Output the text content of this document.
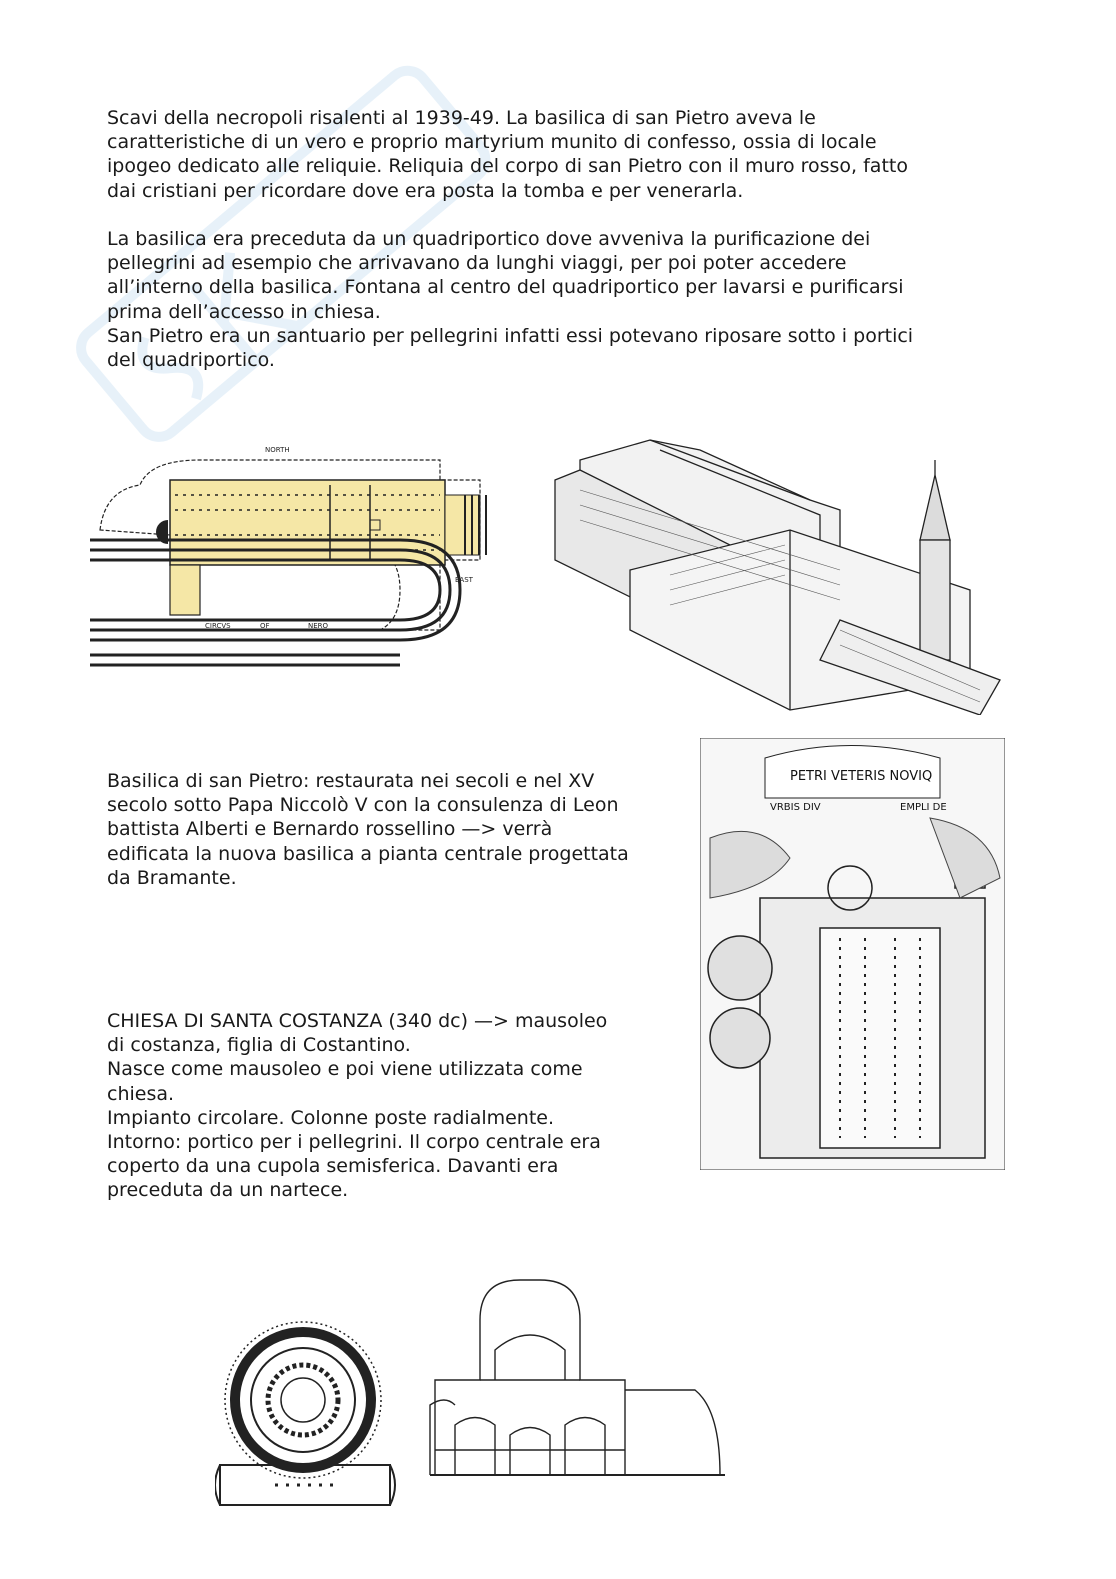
Scavi della necropoli risalenti al 1939-49. La basilica di san Pietro aveva le
caratteristiche di un vero e proprio martyrium munito di confesso, ossia di locale
ipogeo dedicato alle reliquie. Reliquia del corpo di san Pietro con il muro rosso, fatto
dai cristiani per ricordare dove era posta la tomba e per venerarla.

La basilica era preceduta da un quadriportico dove avveniva la purificazione dei
pellegrini ad esempio che arrivavano da lunghi viaggi, per poi poter accedere
all’interno della basilica. Fontana al centro del quadriportico per lavarsi e purificarsi
prima dell’accesso in chiesa.
San Pietro era un santuario per pellegrini infatti essi potevano riposare sotto i portici
del quadriportico.

NORTH
EAST
CIRCVS	OF	NERO

Basilica di san Pietro: restaurata nei secoli e nel XV
secolo sotto Papa Niccolò V con la consulenza di Leon
battista Alberti e Bernardo rossellino —> verrà
edificata la nuova basilica a pianta centrale progettata
da Bramante.

PETRI VETERIS NOVIQ
VRBIS DIV	EMPLI DE

CHIESA DI SANTA COSTANZA (340 dc) —> mausoleo
di costanza, figlia di Costantino.
Nasce come mausoleo e poi viene utilizzata come
chiesa.
Impianto circolare. Colonne poste radialmente.
Intorno: portico per i pellegrini. Il corpo centrale era
coperto da una cupola semisferica. Davanti era
preceduta da un nartece.
